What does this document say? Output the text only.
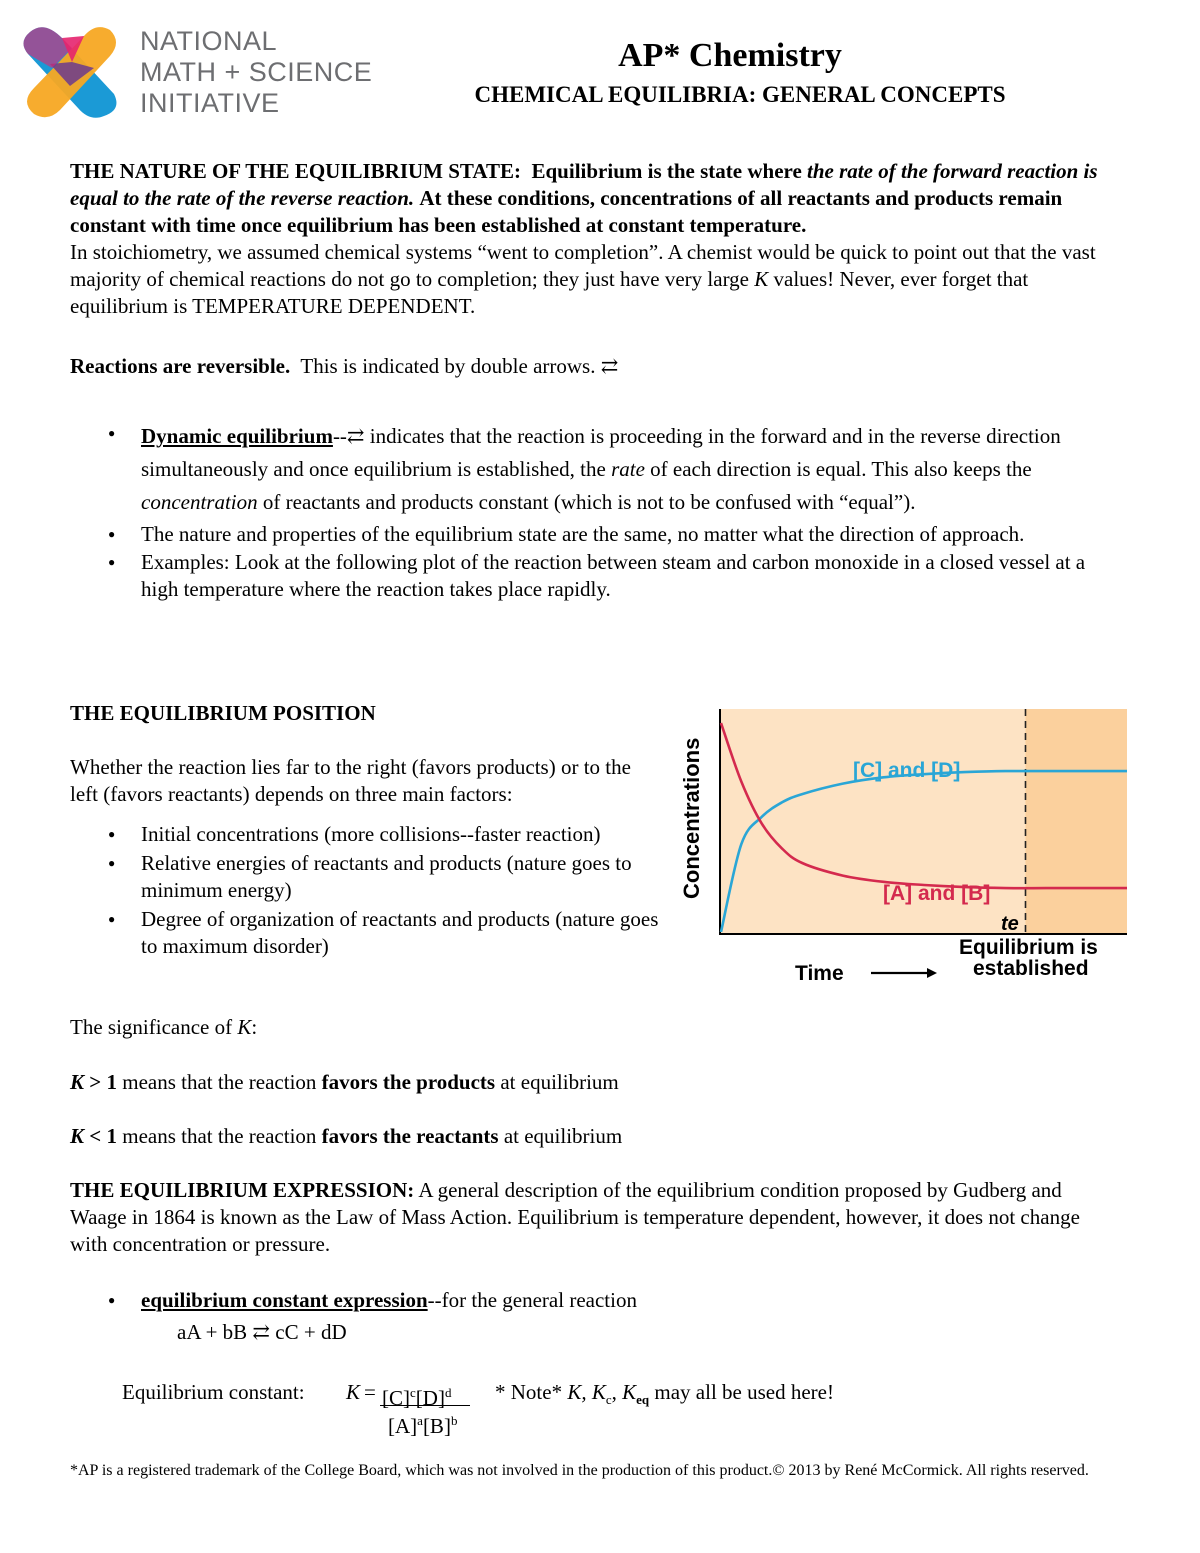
NATIONAL
MATH + SCIENCE
INITIATIVE
AP* Chemistry
CHEMICAL EQUILIBRIA: GENERAL CONCEPTS

THE NATURE OF THE EQUILIBRIUM STATE: Equilibrium is the state where the rate of the forward reaction is equal to the rate of the reverse reaction. At these conditions, concentrations of all reactants and products remain constant with time once equilibrium has been established at constant temperature.
In stoichiometry, we assumed chemical systems “went to completion”. A chemist would be quick to point out that the vast majority of chemical reactions do not go to completion; they just have very large K values! Never, ever forget that equilibrium is TEMPERATURE DEPENDENT.

Reactions are reversible. This is indicated by double arrows. ⇄

● Dynamic equilibrium--⇄ indicates that the reaction is proceeding in the forward and in the reverse direction simultaneously and once equilibrium is established, the rate of each direction is equal. This also keeps the concentration of reactants and products constant (which is not to be confused with “equal”).
● The nature and properties of the equilibrium state are the same, no matter what the direction of approach.
● Examples: Look at the following plot of the reaction between steam and carbon monoxide in a closed vessel at a high temperature where the reaction takes place rapidly.

THE EQUILIBRIUM POSITION

Whether the reaction lies far to the right (favors products) or to the left (favors reactants) depends on three main factors:

● Initial concentrations (more collisions--faster reaction)
● Relative energies of reactants and products (nature goes to minimum energy)
● Degree of organization of reactants and products (nature goes to maximum disorder)
[C] and [D]
[A] and [B]
te
Concentrations
Time
Equilibrium is
established

The significance of K:

K > 1 means that the reaction favors the products at equilibrium

K < 1 means that the reaction favors the reactants at equilibrium

THE EQUILIBRIUM EXPRESSION: A general description of the equilibrium condition proposed by Gudberg and Waage in 1864 is known as the Law of Mass Action. Equilibrium is temperature dependent, however, it does not change with concentration or pressure.

● equilibrium constant expression--for the general reaction

aA + bB ⇄ cC + dD

Equilibrium constant: $K = [C]^c[D]^d$
$[A]^a[B]^b$
* Note* K, $K_c$, $K_{eq}$ may all be used here!

*AP is a registered trademark of the College Board, which was not involved in the production of this product.© 2013 by René McCormick. All rights reserved.
